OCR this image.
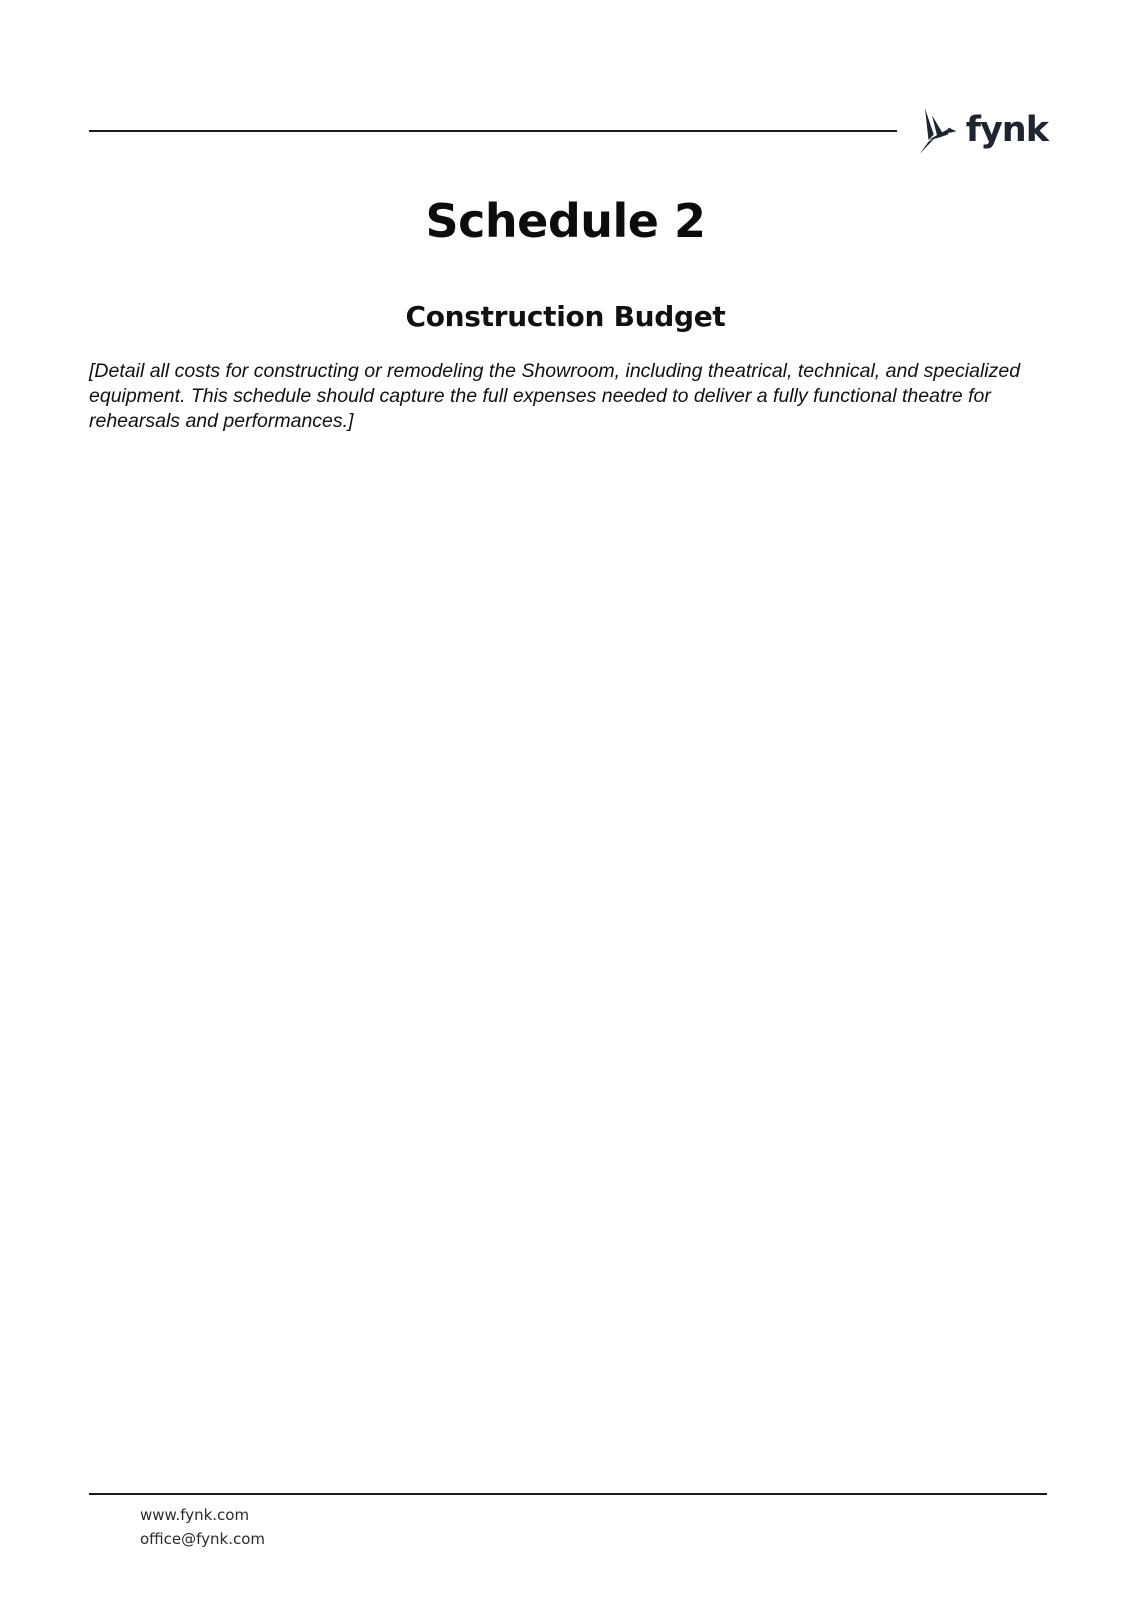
fynk
Schedule 2
Construction Budget

[Detail all costs for constructing or remodeling the Showroom, including theatrical, technical, and specialized equipment. This schedule should capture the full expenses needed to deliver a fully functional theatre for rehearsals and performances.]

www.fynk.com
office@fynk.com
